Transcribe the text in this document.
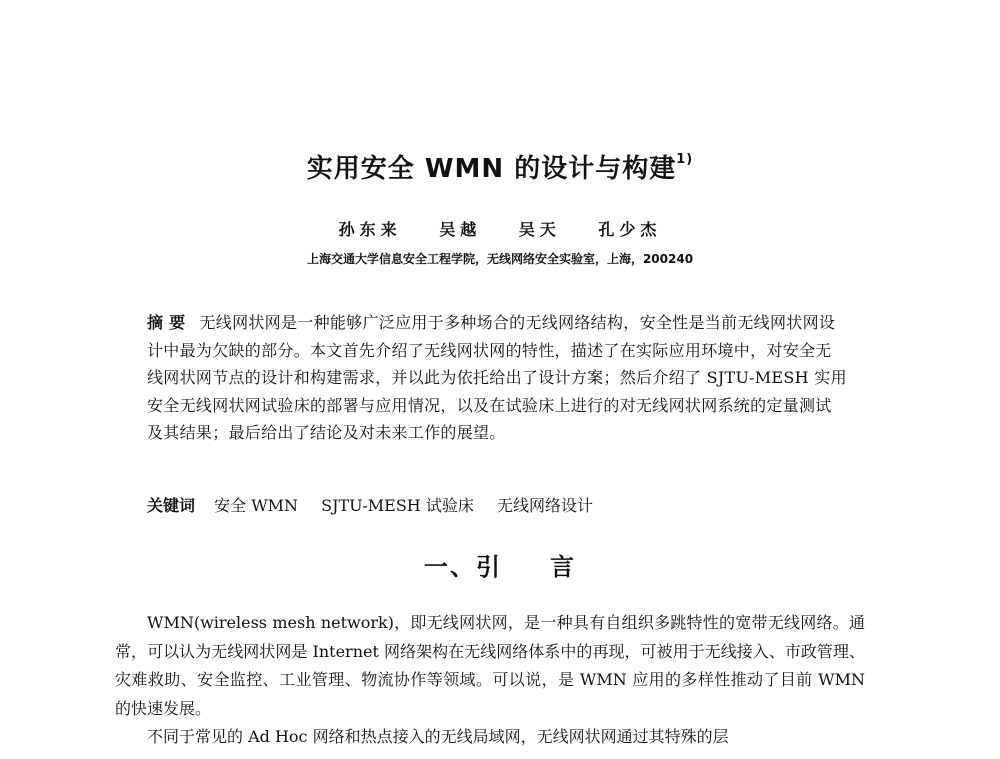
实用安全 WMN 的设计与构建$^{1)}$
孙东来 吴越 吴天 孔少杰
上海交通大学信息安全工程学院，无线网络安全实验室，上海，200240
摘 要 无线网状网是一种能够广泛应用于多种场合的无线网络结构，安全性是当前无线网状网设计中最为欠缺的部分。本文首先介绍了无线网状网的特性，描述了在实际应用环境中，对安全无线网状网节点的设计和构建需求，并以此为依托给出了设计方案；然后介绍了 SJTU-MESH 实用安全无线网状网试验床的部署与应用情况，以及在试验床上进行的对无线网状网系统的定量测试及其结果；最后给出了结论及对未来工作的展望。
关键词 安全 WMN SJTU-MESH 试验床 无线网络设计
一、引 言

WMN(wireless mesh network)，即无线网状网，是一种具有自组织多跳特性的宽带无线网络。通常，可以认为无线网状网是 Internet 网络架构在无线网络体系中的再现，可被用于无线接入、市政管理、灾难救助、安全监控、工业管理、物流协作等领域。可以说，是 WMN 应用的多样性推动了目前 WMN 的快速发展。

不同于常见的 Ad Hoc 网络和热点接入的无线局域网，无线网状网通过其特殊的层
